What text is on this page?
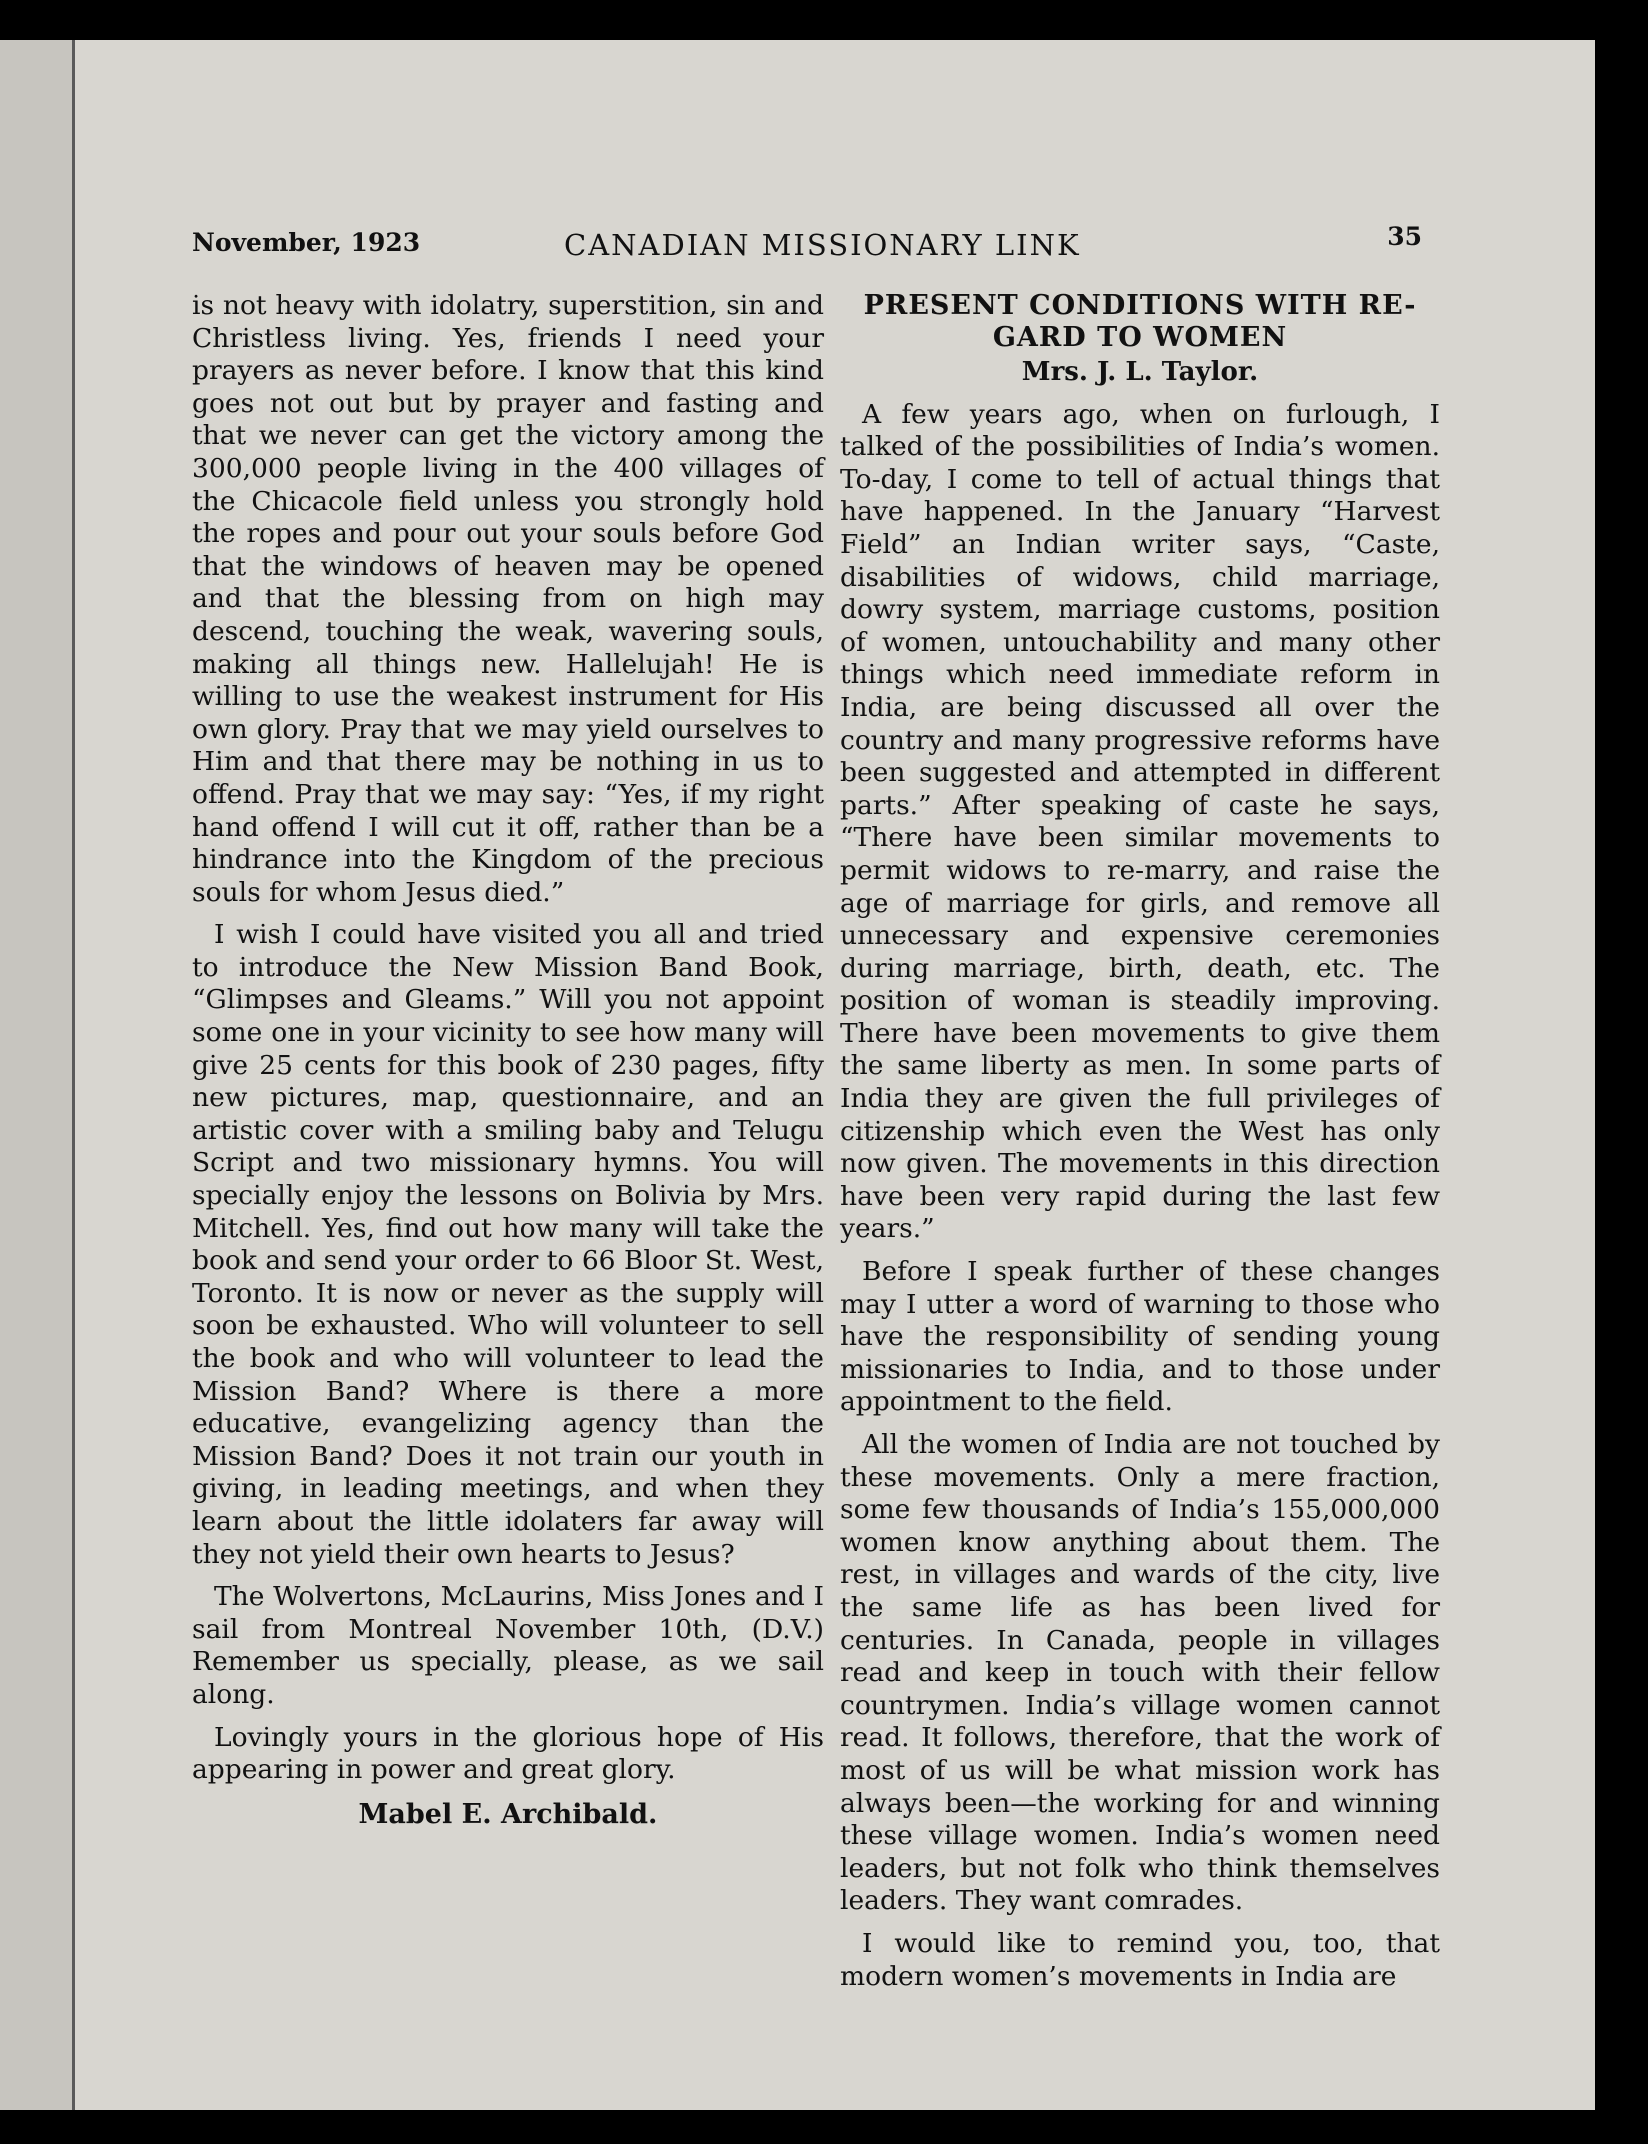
November, 1923	CANADIAN MISSIONARY LINK	35

is not heavy with idolatry, superstition, sin and Christless living. Yes, friends I need your prayers as never before. I know that this kind goes not out but by prayer and fasting and that we never can get the victory among the 300,000 people living in the 400 villages of the Chicacole field unless you strongly hold the ropes and pour out your souls before God that the windows of heaven may be opened and that the blessing from on high may descend, touching the weak, wavering souls, making all things new. Hallelujah! He is willing to use the weakest instrument for His own glory. Pray that we may yield ourselves to Him and that there may be nothing in us to offend. Pray that we may say: “Yes, if my right hand offend I will cut it off, rather than be a hindrance into the Kingdom of the precious souls for whom Jesus died.”

I wish I could have visited you all and tried to introduce the New Mission Band Book, “Glimpses and Gleams.” Will you not appoint some one in your vicinity to see how many will give 25 cents for this book of 230 pages, fifty new pictures, map, questionnaire, and an artistic cover with a smiling baby and Telugu Script and two missionary hymns. You will specially enjoy the lessons on Bolivia by Mrs. Mitchell. Yes, find out how many will take the book and send your order to 66 Bloor St. West, Toronto. It is now or never as the supply will soon be exhausted. Who will volunteer to sell the book and who will volunteer to lead the Mission Band? Where is there a more educative, evangelizing agency than the Mission Band? Does it not train our youth in giving, in leading meetings, and when they learn about the little idolaters far away will they not yield their own hearts to Jesus?

The Wolvertons, McLaurins, Miss Jones and I sail from Montreal November 10th, (D.V.) Remember us specially, please, as we sail along.

Lovingly yours in the glorious hope of His appearing in power and great glory.

Mabel E. Archibald.
PRESENT CONDITIONS WITH RE-
GARD TO WOMEN
Mrs. J. L. Taylor.

A few years ago, when on furlough, I talked of the possibilities of India’s women. To-day, I come to tell of actual things that have happened. In the January “Harvest Field” an Indian writer says, “Caste, disabilities of widows, child marriage, dowry system, marriage customs, position of women, untouchability and many other things which need immediate reform in India, are being discussed all over the country and many progressive reforms have been suggested and attempted in different parts.” After speaking of caste he says, “There have been similar movements to permit widows to re-marry, and raise the age of marriage for girls, and remove all unnecessary and expensive ceremonies during marriage, birth, death, etc. The position of woman is steadily improving. There have been movements to give them the same liberty as men. In some parts of India they are given the full privileges of citizenship which even the West has only now given. The movements in this direction have been very rapid during the last few years.”

Before I speak further of these changes may I utter a word of warning to those who have the responsibility of sending young missionaries to India, and to those under appointment to the field.

All the women of India are not touched by these movements. Only a mere fraction, some few thousands of India’s 155,000,000 women know anything about them. The rest, in villages and wards of the city, live the same life as has been lived for centuries. In Canada, people in villages read and keep in touch with their fellow countrymen. India’s village women cannot read. It follows, therefore, that the work of most of us will be what mission work has always been—the working for and winning these village women. India’s women need leaders, but not folk who think themselves leaders. They want comrades.

I would like to remind you, too, that modern women’s movements in India are
